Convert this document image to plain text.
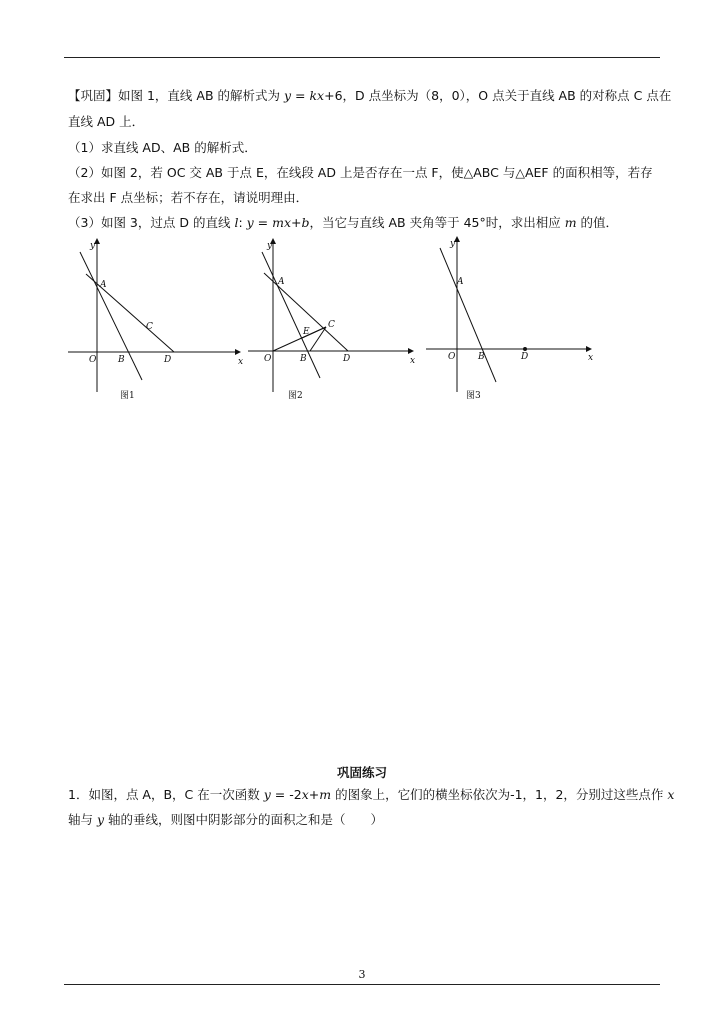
【巩固】如图 1，直线 AB 的解析式为 y = kx+6，D 点坐标为（8，0），O 点关于直线 AB 的对称点 C 点在
直线 AD 上．
（1）求直线 AD、AB 的解析式．
（2）如图 2，若 OC 交 AB 于点 E，在线段 AD 上是否存在一点 F，使△ABC 与△AEF 的面积相等，若存
在求出 F 点坐标；若不存在，请说明理由．
（3）如图 3，过点 D 的直线 l: y = mx+b，当它与直线 AB 夹角等于 45°时，求出相应 m 的值．
y
x
O
A
B
C
D
图1
y
x
O
A
B
C
D
E
图2
y
x
O
A
B	D
图3
巩固练习
1．如图，点 A，B，C 在一次函数 y = -2x+m 的图象上，它们的横坐标依次为-1，1，2，分别过这些点作 x
轴与 y 轴的垂线，则图中阴影部分的面积之和是（　　）
3
